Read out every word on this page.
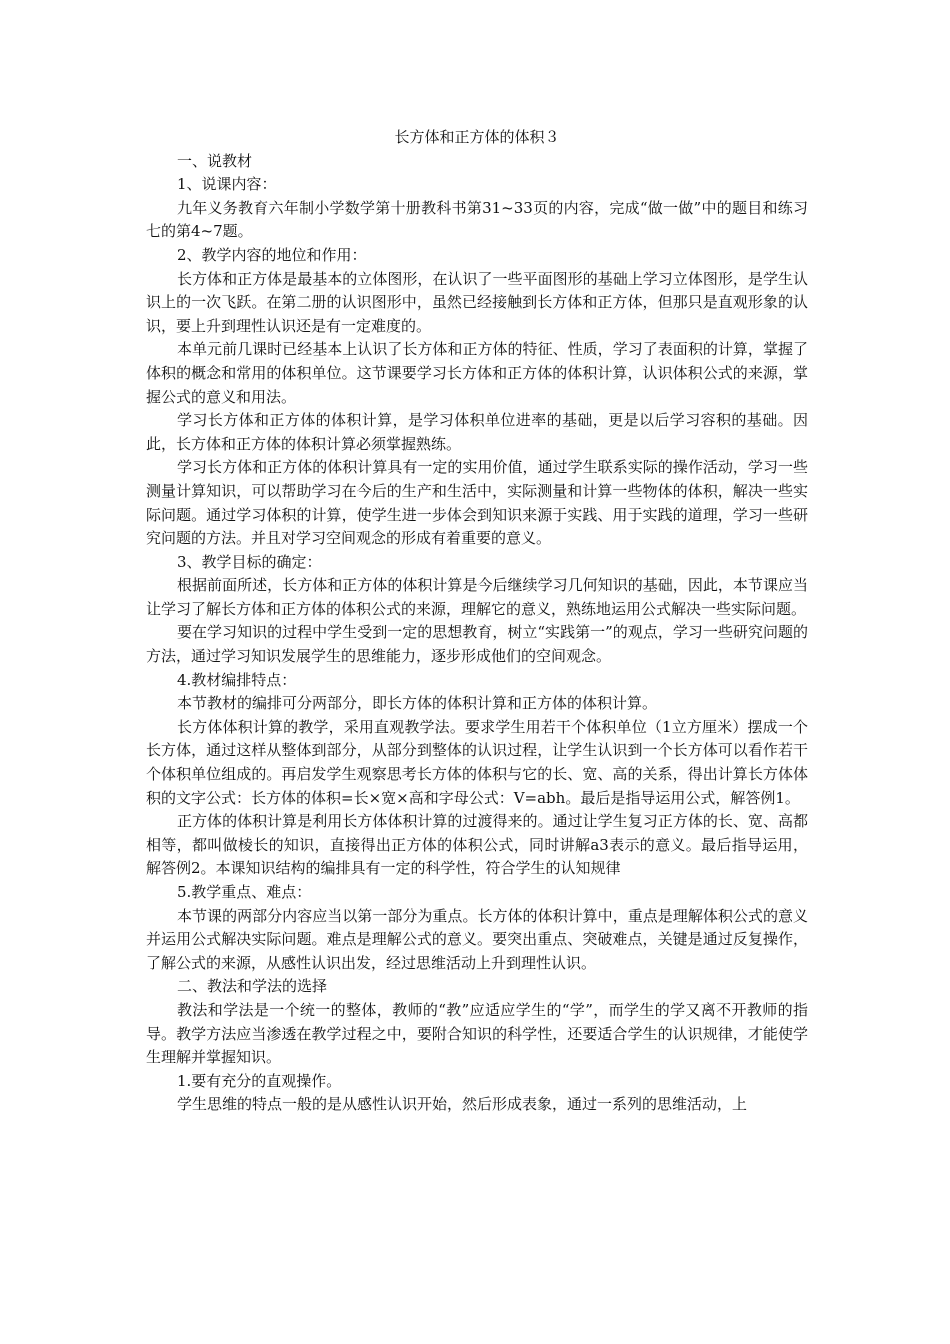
长方体和正方体的体积３

一、说教材

1、说课内容：

九年义务教育六年制小学数学第十册教科书第31~33页的内容，完成“做一做”中的题目和练习七的第4~7题。

2、教学内容的地位和作用：

长方体和正方体是最基本的立体图形，在认识了一些平面图形的基础上学习立体图形，是学生认识上的一次飞跃。在第二册的认识图形中，虽然已经接触到长方体和正方体，但那只是直观形象的认识，要上升到理性认识还是有一定难度的。

本单元前几课时已经基本上认识了长方体和正方体的特征、性质，学习了表面积的计算，掌握了体积的概念和常用的体积单位。这节课要学习长方体和正方体的体积计算，认识体积公式的来源，掌握公式的意义和用法。

学习长方体和正方体的体积计算，是学习体积单位进率的基础，更是以后学习容积的基础。因此，长方体和正方体的体积计算必须掌握熟练。

学习长方体和正方体的体积计算具有一定的实用价值，通过学生联系实际的操作活动，学习一些测量计算知识，可以帮助学习在今后的生产和生活中，实际测量和计算一些物体的体积，解决一些实际问题。通过学习体积的计算，使学生进一步体会到知识来源于实践、用于实践的道理，学习一些研究问题的方法。并且对学习空间观念的形成有着重要的意义。

3、教学目标的确定：

根据前面所述，长方体和正方体的体积计算是今后继续学习几何知识的基础，因此，本节课应当让学习了解长方体和正方体的体积公式的来源，理解它的意义，熟练地运用公式解决一些实际问题。

要在学习知识的过程中学生受到一定的思想教育，树立“实践第一”的观点，学习一些研究问题的方法，通过学习知识发展学生的思维能力，逐步形成他们的空间观念。

4.教材编排特点：

本节教材的编排可分两部分，即长方体的体积计算和正方体的体积计算。

长方体体积计算的教学，采用直观教学法。要求学生用若干个体积单位（1立方厘米）摆成一个长方体，通过这样从整体到部分，从部分到整体的认识过程，让学生认识到一个长方体可以看作若干个体积单位组成的。再启发学生观察思考长方体的体积与它的长、宽、高的关系，得出计算长方体体积的文字公式：长方体的体积=长×宽×高和字母公式：V=abh。最后是指导运用公式，解答例1。

正方体的体积计算是利用长方体体积计算的过渡得来的。通过让学生复习正方体的长、宽、高都相等，都叫做棱长的知识，直接得出正方体的体积公式，同时讲解a3表示的意义。最后指导运用，解答例2。本课知识结构的编排具有一定的科学性，符合学生的认知规律

5.教学重点、难点：

本节课的两部分内容应当以第一部分为重点。长方体的体积计算中，重点是理解体积公式的意义并运用公式解决实际问题。难点是理解公式的意义。要突出重点、突破难点，关键是通过反复操作，了解公式的来源，从感性认识出发，经过思维活动上升到理性认识。

二、教法和学法的选择

教法和学法是一个统一的整体，教师的“教”应适应学生的“学”，而学生的学又离不开教师的指导。教学方法应当渗透在教学过程之中，要附合知识的科学性，还要适合学生的认识规律，才能使学生理解并掌握知识。

1.要有充分的直观操作。

学生思维的特点一般的是从感性认识开始，然后形成表象，通过一系列的思维活动，上
